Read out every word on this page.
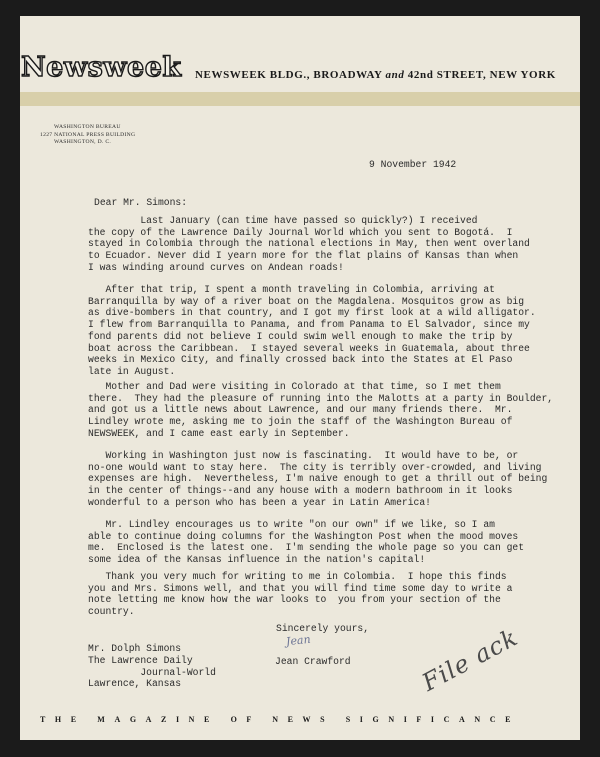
Newsweek NEWSWEEK BLDG., BROADWAY and 42nd STREET, NEW YORK
WASHINGTON BUREAU
1227 NATIONAL PRESS BUILDING
WASHINGTON, D. C.
9 November 1942
Dear Mr. Simons:
Last January (can time have passed so quickly?) I received
the copy of the Lawrence Daily Journal World which you sent to Bogotá.  I
stayed in Colombia through the national elections in May, then went overland
to Ecuador. Never did I yearn more for the flat plains of Kansas than when
I was winding around curves on Andean roads!
After that trip, I spent a month traveling in Colombia, arriving at
Barranquilla by way of a river boat on the Magdalena. Mosquitos grow as big
as dive-bombers in that country, and I got my first look at a wild alligator.
I flew from Barranquilla to Panama, and from Panama to El Salvador, since my
fond parents did not believe I could swim well enough to make the trip by
boat across the Caribbean.  I stayed several weeks in Guatemala, about three
weeks in Mexico City, and finally crossed back into the States at El Paso
late in August.
Mother and Dad were visiting in Colorado at that time, so I met them
there.  They had the pleasure of running into the Malotts at a party in Boulder,
and got us a little news about Lawrence, and our many friends there.  Mr.
Lindley wrote me, asking me to join the staff of the Washington Bureau of
NEWSWEEK, and I came east early in September.
Working in Washington just now is fascinating.  It would have to be, or
no-one would want to stay here.  The city is terribly over-crowded, and living
expenses are high.  Nevertheless, I'm naive enough to get a thrill out of being
in the center of things--and any house with a modern bathroom in it looks
wonderful to a person who has been a year in Latin America!
Mr. Lindley encourages us to write "on our own" if we like, so I am
able to continue doing columns for the Washington Post when the mood moves
me.  Enclosed is the latest one.  I'm sending the whole page so you can get
some idea of the Kansas influence in the nation's capital!
Thank you very much for writing to me in Colombia.  I hope this finds
you and Mrs. Simons well, and that you will find time some day to write a
note letting me know how the war looks to  you from your section of the
country.
Sincerely yours,
Jean
Jean Crawford
Mr. Dolph Simons
The Lawrence Daily
Journal-World
Lawrence, Kansas	File ack
THE MAGAZINE OF NEWS SIGNIFICANCE
